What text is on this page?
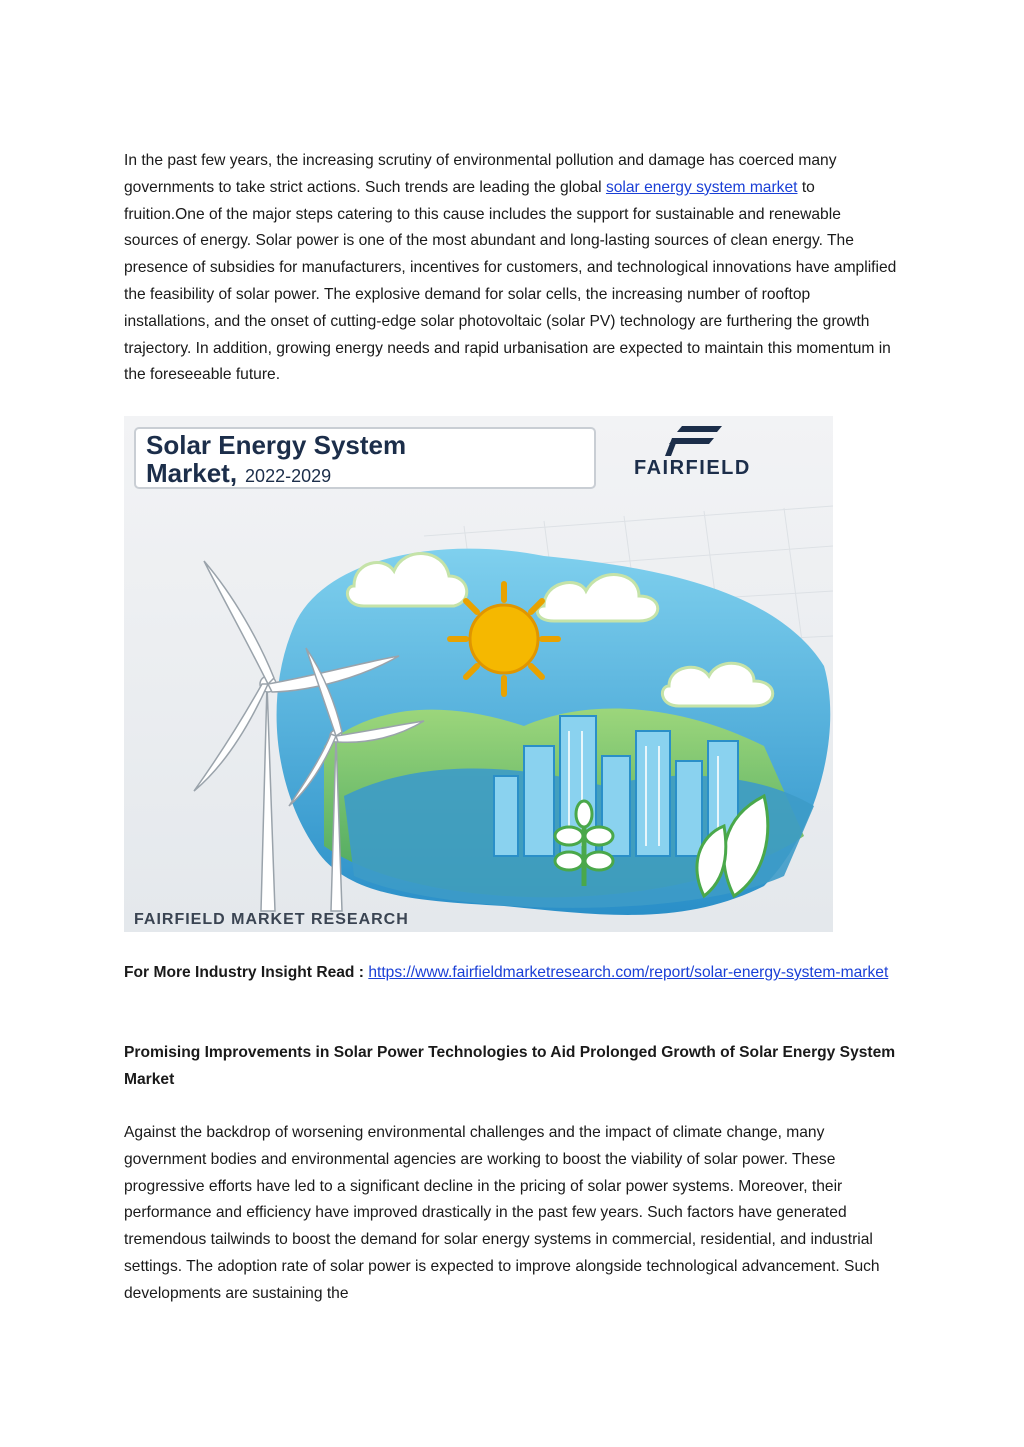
In the past few years, the increasing scrutiny of environmental pollution and damage has coerced many governments to take strict actions. Such trends are leading the global solar energy system market to fruition.One of the major steps catering to this cause includes the support for sustainable and renewable sources of energy. Solar power is one of the most abundant and long-lasting sources of clean energy. The presence of subsidies for manufacturers, incentives for customers, and technological innovations have amplified the feasibility of solar power. The explosive demand for solar cells, the increasing number of rooftop installations, and the onset of cutting-edge solar photovoltaic (solar PV) technology are furthering the growth trajectory. In addition, growing energy needs and rapid urbanisation are expected to maintain this momentum in the foreseeable future.

Solar Energy System
Market, 2022-2029	FAIRFIELD
FAIRFIELD MARKET RESEARCH

For More Industry Insight Read : https://www.fairfieldmarketresearch.com/report/solar-energy-system-market

Promising Improvements in Solar Power Technologies to Aid Prolonged Growth of Solar Energy System Market

Against the backdrop of worsening environmental challenges and the impact of climate change, many government bodies and environmental agencies are working to boost the viability of solar power. These progressive efforts have led to a significant decline in the pricing of solar power systems. Moreover, their performance and efficiency have improved drastically in the past few years. Such factors have generated tremendous tailwinds to boost the demand for solar energy systems in commercial, residential, and industrial settings. The adoption rate of solar power is expected to improve alongside technological advancement. Such developments are sustaining the
